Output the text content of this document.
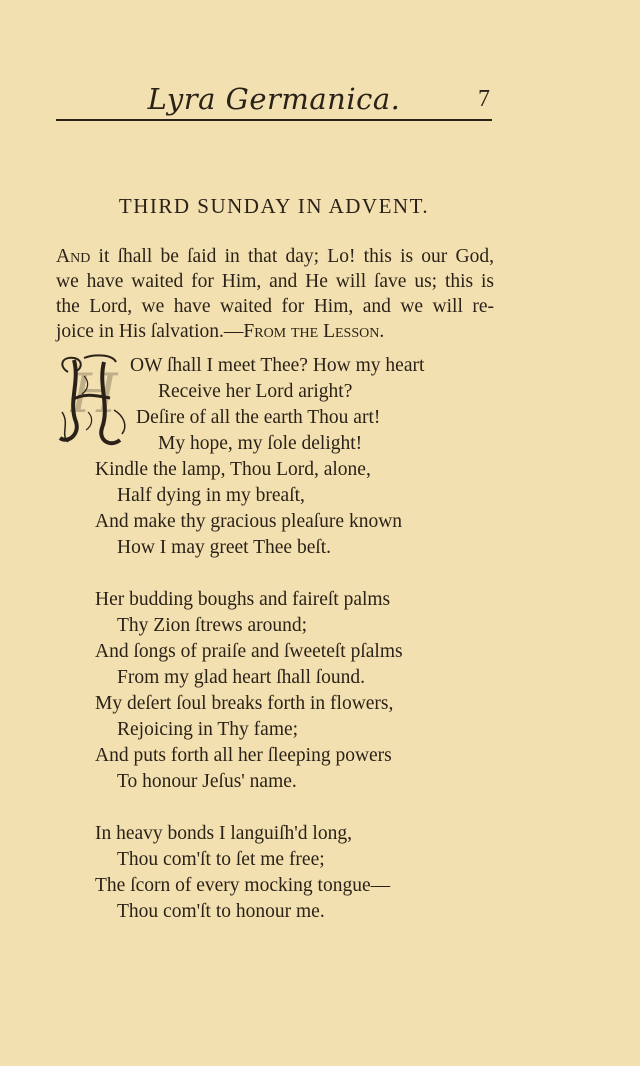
Lyra Germanica.	7
THIRD SUNDAY IN ADVENT.
And it ſhall be ſaid in that day; Lo! this is our God,
we have waited for Him, and He will ſave us; this is
the Lord, we have waited for Him, and we will re-
joice in His ſalvation.—From the Lesson.
H OW ſhall I meet Thee? How my heart
Receive her Lord aright?
Deſire of all the earth Thou art!
My hope, my ſole delight!
Kindle the lamp, Thou Lord, alone,
Half dying in my breaſt,
And make thy gracious pleaſure known
How I may greet Thee beſt.
Her budding boughs and faireſt palms
Thy Zion ſtrews around;
And ſongs of praiſe and ſweeteſt pſalms
From my glad heart ſhall ſound.
My deſert ſoul breaks forth in flowers,
Rejoicing in Thy fame;
And puts forth all her ſleeping powers
To honour Jeſus' name.
In heavy bonds I languiſh'd long,
Thou com'ſt to ſet me free;
The ſcorn of every mocking tongue—
Thou com'ſt to honour me.
